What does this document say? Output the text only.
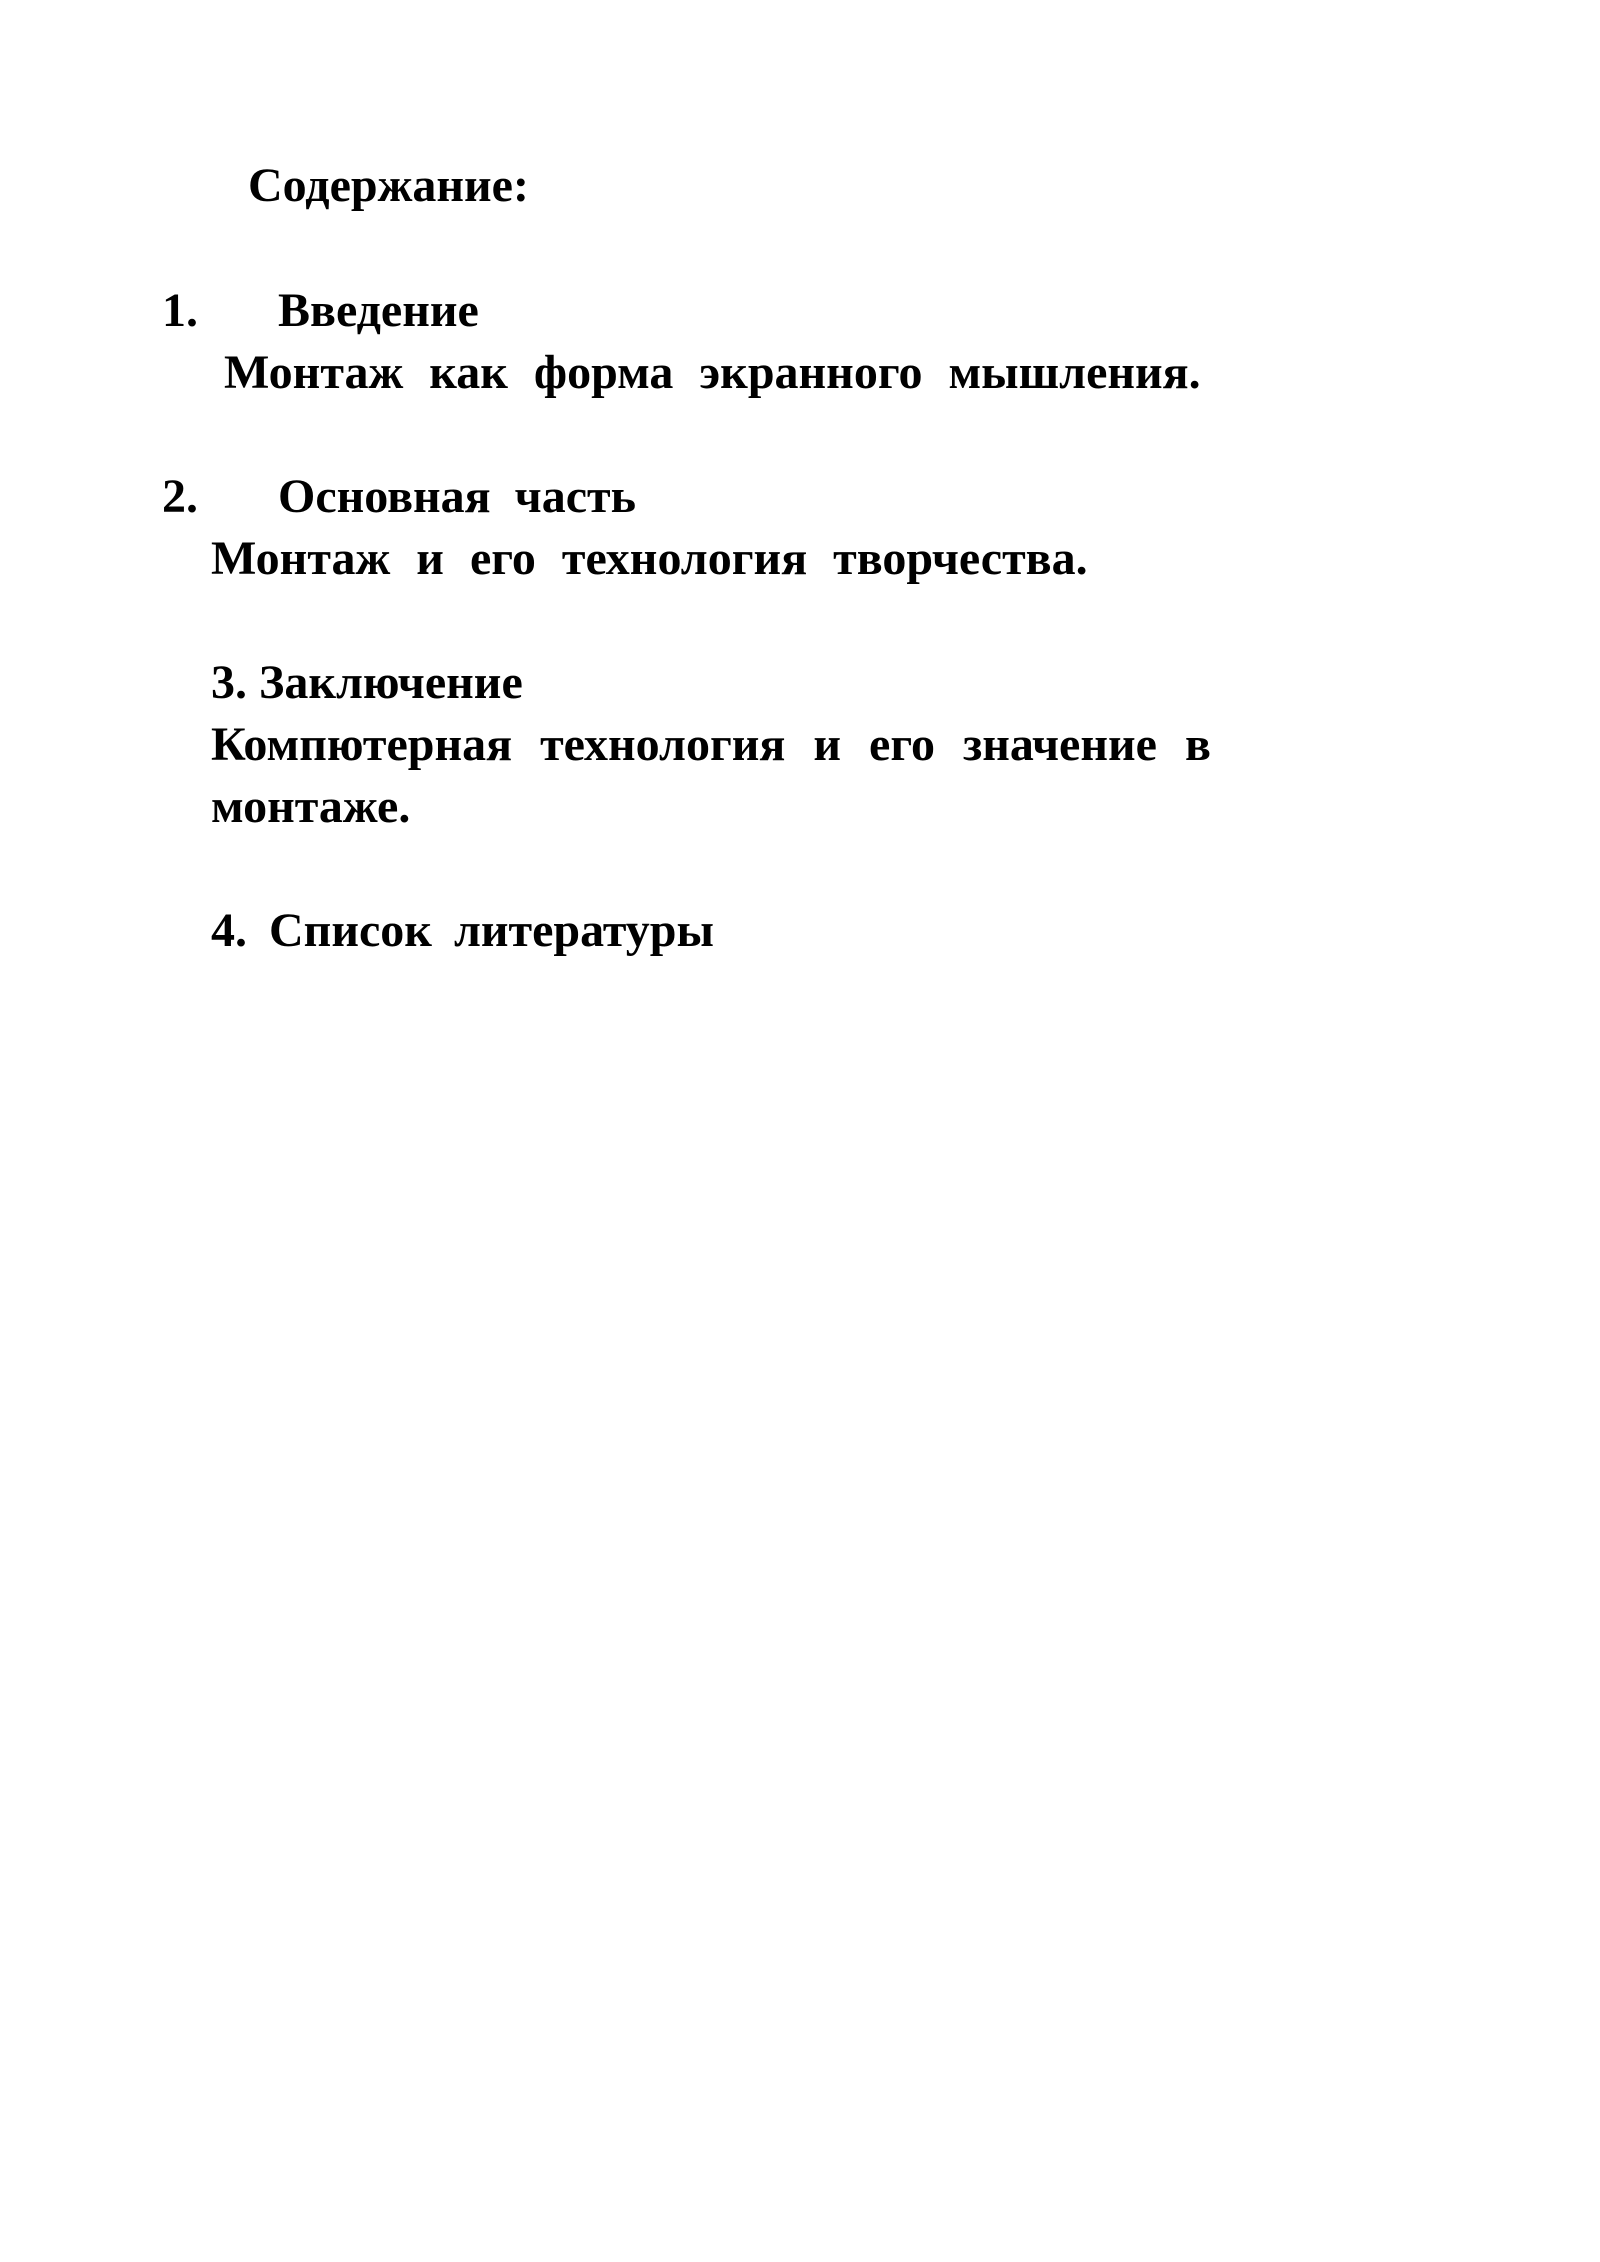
Содержание:
1. Введение
Монтаж как форма экранного мышления.
2. Основная часть
Монтаж и его технология творчества.
3. Заключение
Компютерная технология и его значение в
монтаже.
4. Список литературы
